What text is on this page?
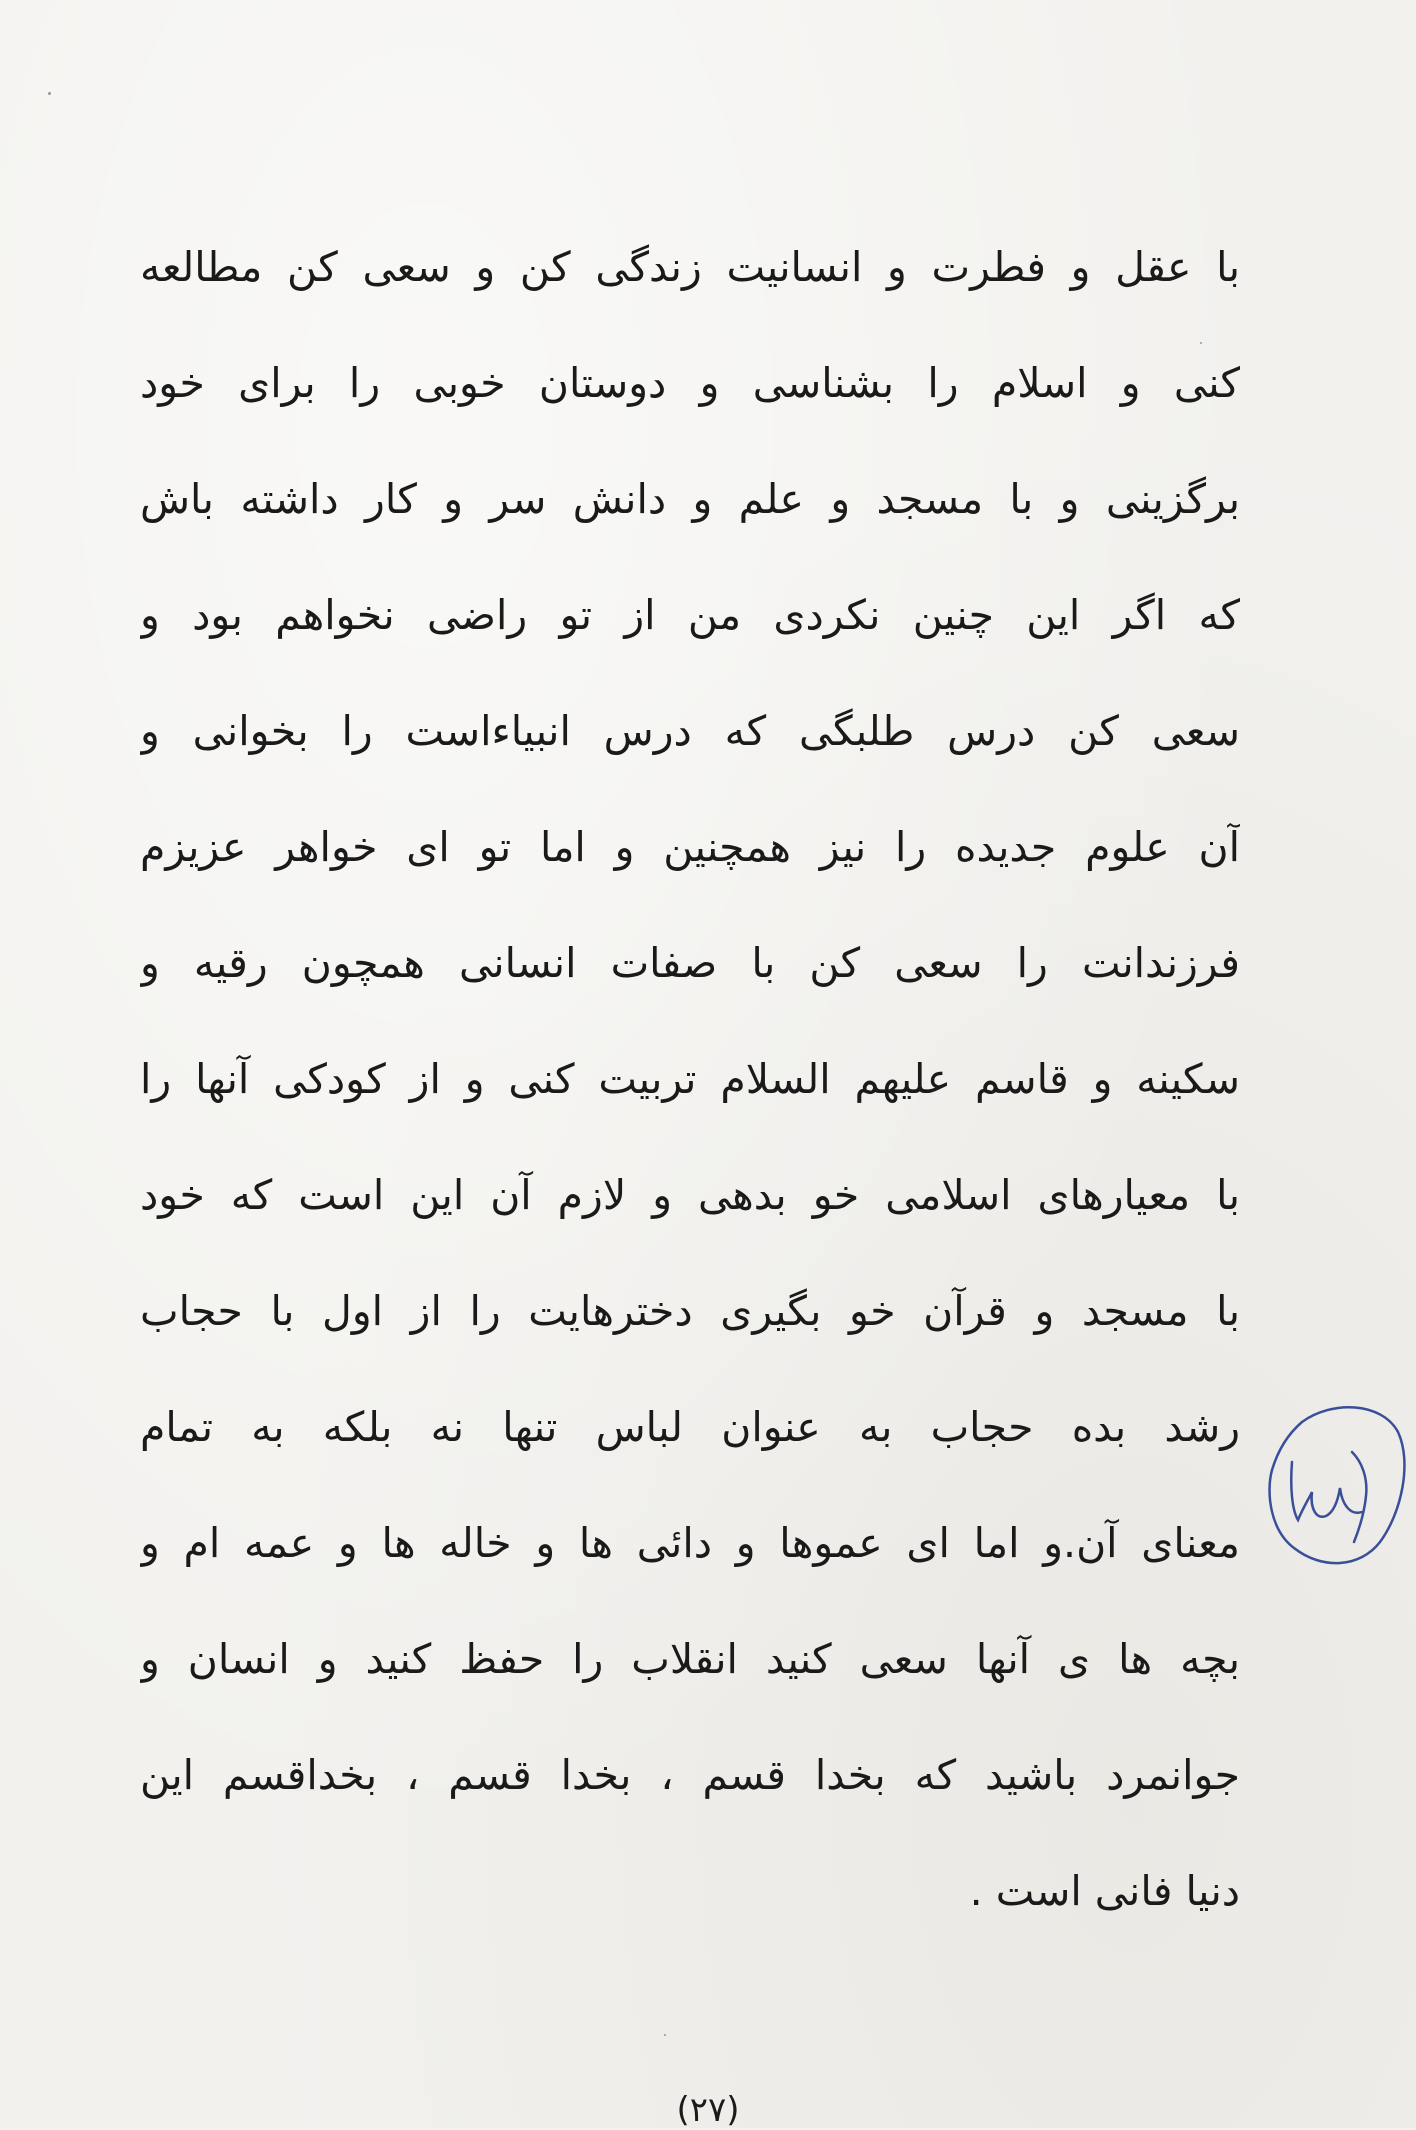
با عقل و فطرت و انسانیت زندگی کن و سعی کن مطالعه
کنی و اسلام را بشناسی و دوستان خوبی را برای خود
برگزینی و با مسجد و علم و دانش سر و کار داشته باش
که اگر این چنین نکردی من از تو راضی نخواهم بود و
سعی کن درس طلبگی که درس انبیاءاست را بخوانی و
آن علوم جدیده را نیز همچنین و اما تو ای خواهر عزیزم
فرزندانت را سعی کن با صفات انسانی همچون رقیه و
سکینه و قاسم علیهم السلام تربیت کنی و از کودکی آنها را
با معیارهای اسلامی خو بدهی و لازم آن این است که خود
با مسجد و قرآن خو بگیری دخترهایت را از اول با حجاب
رشد بده حجاب به عنوان لباس تنها نه بلکه به تمام
معنای آن.و اما ای عموها و دائی ها و خاله ها و عمه ام و
بچه ها ی آنها سعی کنید انقلاب را حفظ کنید و انسان و
جوانمرد باشید که بخدا قسم ، بخدا قسم ، بخداقسم این
دنیا فانی است .
(۲۷)
